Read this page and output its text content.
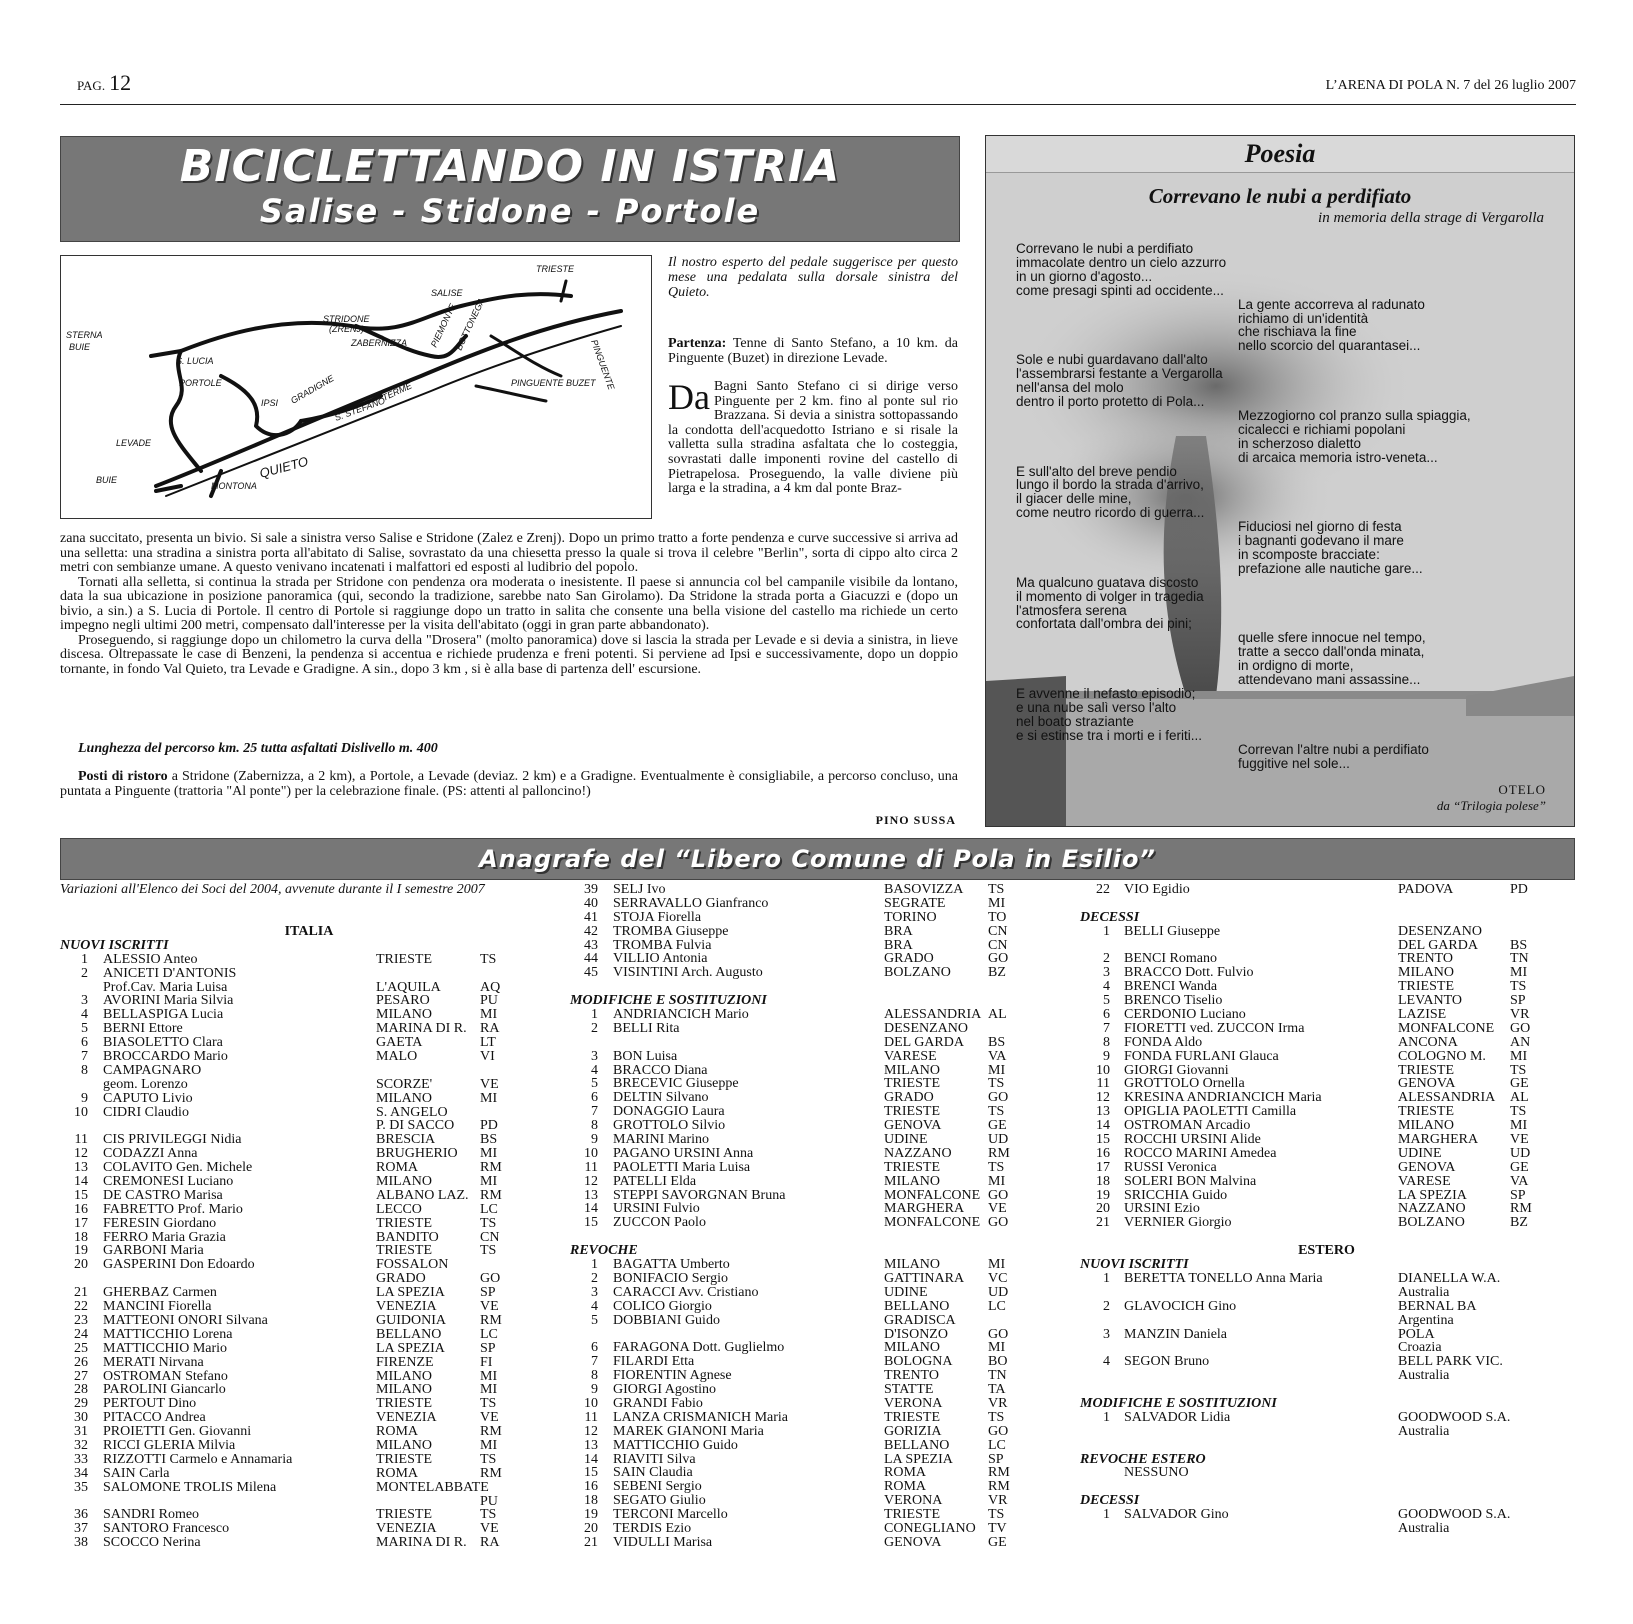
PAG. 12	L’ARENA DI POLA N. 7 del 26 luglio 2007
BICICLETTANDO IN ISTRIA
Salise - Stidone - Portole
TRIESTE
SALISE
PINGUENTE
STERNA
BUIE
S. LUCIA
PORTOLE
STRIDONE
(ZRENJ)
ZABERNIZZA
IPSI GRADIGNE
S. STEFANO
TERME
LEVADE
QUIETO
BUIE
MONTONA
PINGUENTE BUZET
PIEMONTE
BOTTONEGA
Il nostro esperto del pedale suggerisce per questo mese una pedalata sulla dorsale sinistra del Quieto.
Partenza: Tenne di Santo Stefano, a 10 km. da Pinguente (Buzet) in direzione Levade.
Da Bagni Santo Stefano ci si dirige verso Pinguente per 2 km. fino al ponte sul rio Brazzana. Si devia a sinistra sottopassando la condotta dell'acquedotto Istriano e si risale la valletta sulla stradina asfaltata che lo costeggia, sovrastati dalle imponenti rovine del castello di Pietrapelosa. Proseguendo, la valle diviene più larga e la stradina, a 4 km dal ponte Braz-

zana succitato, presenta un bivio. Si sale a sinistra verso Salise e Stridone (Zalez e Zrenj). Dopo un primo tratto a forte pendenza e curve successive si arriva ad una selletta: una stradina a sinistra porta all'abitato di Salise, sovrastato da una chiesetta presso la quale si trova il celebre "Berlin", sorta di cippo alto circa 2 metri con sembianze umane. A questo venivano incatenati i malfattori ed esposti al ludibrio del popolo.

Tornati alla selletta, si continua la strada per Stridone con pendenza ora moderata o inesistente. Il paese si annuncia col bel campanile visibile da lontano, data la sua ubicazione in posizione panoramica (qui, secondo la tradizione, sarebbe nato San Girolamo). Da Stridone la strada porta a Giacuzzi e (dopo un bivio, a sin.) a S. Lucia di Portole. Il centro di Portole si raggiunge dopo un tratto in salita che consente una bella visione del castello ma richiede un certo impegno negli ultimi 200 metri, compensato dall'interesse per la visita dell'abitato (oggi in gran parte abbandonato).

Proseguendo, si raggiunge dopo un chilometro la curva della "Drosera" (molto panoramica) dove si lascia la strada per Levade e si devia a sinistra, in lieve discesa. Oltrepassate le case di Benzeni, la pendenza si accentua e richiede prudenza e freni potenti. Si perviene ad Ipsi e successivamente, dopo un doppio tornante, in fondo Val Quieto, tra Levade e Gradigne. A sin., dopo 3 km , si è alla base di partenza dell' escursione.

Lunghezza del percorso km. 25 tutta asfaltati Dislivello m. 400
Posti di ristoro a Stridone (Zabernizza, a 2 km), a Portole, a Levade (deviaz. 2 km) e a Gradigne. Eventualmente è consigliabile, a percorso concluso, una puntata a Pinguente (trattoria "Al ponte") per la celebrazione finale. (PS: attenti al palloncino!)
PINO SUSSA
Poesia
Correvano le nubi a perdifiato
in memoria della strage di Vergarolla
Correvano le nubi a perdifiato
immacolate dentro un cielo azzurro
in un giorno d'agosto...
come presagi spinti ad occidente...
La gente accorreva al radunato
richiamo di un'identità
che rischiava la fine
nello scorcio del quarantasei...
Sole e nubi guardavano dall'alto
l'assembrarsi festante a Vergarolla
nell'ansa del molo
dentro il porto protetto di Pola...
Mezzogiorno col pranzo sulla spiaggia,
cicalecci e richiami popolani
in scherzoso dialetto
di arcaica memoria istro-veneta...
E sull'alto del breve pendio
lungo il bordo la strada d'arrivo,
il giacer delle mine,
come neutro ricordo di guerra...
Fiduciosi nel giorno di festa
i bagnanti godevano il mare
in scomposte bracciate:
prefazione alle nautiche gare...
Ma qualcuno guatava discosto
il momento di volger in tragedia
l'atmosfera serena
confortata dall'ombra dei pini;
quelle sfere innocue nel tempo,
tratte a secco dall'onda minata,
in ordigno di morte,
attendevano mani assassine...
E avvenne il nefasto episodio;
e una nube salì verso l'alto
nel boato straziante
e si estinse tra i morti e i feriti...
Correvan l'altre nubi a perdifiato
fuggitive nel sole...
OTELO
da “Trilogia polese”
Anagrafe del “Libero Comune di Pola in Esilio”
Variazioni all'Elenco dei Soci del 2004, avvenute durante il I semestre 2007
ITALIA
NUOVI ISCRITTI
1 ALESSIO Anteo	TRIESTE	TS
2 ANICETI D'ANTONIS
Prof.Cav. Maria Luisa	L'AQUILA	AQ
3 AVORINI Maria Silvia	PESARO	PU
4 BELLASPIGA Lucia	MILANO	MI
5 BERNI Ettore	MARINA DI R. RA
6 BIASOLETTO Clara	GAETA	LT
7 BROCCARDO Mario	MALO	VI
8 CAMPAGNARO
geom. Lorenzo	SCORZE'	VE
9 CAPUTO Livio	MILANO	MI
10 CIDRI Claudio	S. ANGELO
P. DI SACCO PD
11 CIS PRIVILEGGI Nidia	BRESCIA	BS
12 CODAZZI Anna	BRUGHERIO MI
13 COLAVITO Gen. Michele	ROMA	RM
14 CREMONESI Luciano	MILANO	MI
15 DE CASTRO Marisa	ALBANO LAZ. RM
16 FABRETTO Prof. Mario	LECCO	LC
17 FERESIN Giordano	TRIESTE	TS
18 FERRO Maria Grazia	BANDITO	CN
19 GARBONI Maria	TRIESTE	TS
20 GASPERINI Don Edoardo	FOSSALON
GRADO	GO
21 GHERBAZ Carmen	LA SPEZIA	SP
22 MANCINI Fiorella	VENEZIA	VE
23 MATTEONI ONORI Silvana	GUIDONIA RM
24 MATTICCHIO Lorena	BELLANO	LC
25 MATTICCHIO Mario	LA SPEZIA	SP
26 MERATI Nirvana	FIRENZE	FI
27 OSTROMAN Stefano	MILANO	MI
28 PAROLINI Giancarlo	MILANO	MI
29 PERTOUT Dino	TRIESTE	TS
30 PITACCO Andrea	VENEZIA	VE
31 PROIETTI Gen. Giovanni	ROMA	RM
32 RICCI GLERIA Milvia	MILANO	MI
33 RIZZOTTI Carmelo e Annamaria	TRIESTE	TS
34 SAIN Carla	ROMA	RM
35 SALOMONE TROLIS Milena	MONTELABBATE
PU
36 SANDRI Romeo	TRIESTE	TS
37 SANTORO Francesco	VENEZIA	VE
38 SCOCCO Nerina	MARINA DI R. RA
39 SELJ Ivo	BASOVIZZA TS
40 SERRAVALLO Gianfranco	SEGRATE	MI
41 STOJA Fiorella	TORINO	TO
42 TROMBA Giuseppe	BRA	CN
43 TROMBA Fulvia	BRA	CN
44 VILLIO Antonia	GRADO	GO
45 VISINTINI Arch. Augusto	BOLZANO	BZ
MODIFICHE E SOSTITUZIONI
1 ANDRIANCICH Mario	ALESSANDRIA AL
2 BELLI Rita	DESENZANO
DEL GARDA BS
3 BON Luisa	VARESE	VA
4 BRACCO Diana	MILANO	MI
5 BRECEVIC Giuseppe	TRIESTE	TS
6 DELTIN Silvano	GRADO	GO
7 DONAGGIO Laura	TRIESTE	TS
8 GROTTOLO Silvio	GENOVA	GE
9 MARINI Marino	UDINE	UD
10 PAGANO URSINI Anna	NAZZANO	RM
11 PAOLETTI Maria Luisa	TRIESTE	TS
12 PATELLI Elda	MILANO	MI
13 STEPPI SAVORGNAN Bruna	MONFALCONE GO
14 URSINI Fulvio	MARGHERA VE
15 ZUCCON Paolo	MONFALCONE GO
REVOCHE
1 BAGATTA Umberto	MILANO	MI
2 BONIFACIO Sergio	GATTINARA VC
3 CARACCI Avv. Cristiano	UDINE	UD
4 COLICO Giorgio	BELLANO	LC
5 DOBBIANI Guido	GRADISCA
D'ISONZO	GO
6 FARAGONA Dott. Guglielmo	MILANO	MI
7 FILARDI Etta	BOLOGNA	BO
8 FIORENTIN Agnese	TRENTO	TN
9 GIORGI Agostino	STATTE	TA
10 GRANDI Fabio	VERONA	VR
11 LANZA CRISMANICH Maria	TRIESTE	TS
12 MAREK GIANONI Maria	GORIZIA	GO
13 MATTICCHIO Guido	BELLANO	LC
14 RIAVITI Silva	LA SPEZIA	SP
15 SAIN Claudia	ROMA	RM
16 SEBENI Sergio	ROMA	RM
18 SEGATO Giulio	VERONA	VR
19 TERCONI Marcello	TRIESTE	TS
20 TERDIS Ezio	CONEGLIANO TV
21 VIDULLI Marisa	GENOVA	GE
22 VIO Egidio	PADOVA	PD
DECESSI
1 BELLI Giuseppe	DESENZANO
DEL GARDA BS
2 BENCI Romano	TRENTO	TN
3 BRACCO Dott. Fulvio	MILANO	MI
4 BRENCI Wanda	TRIESTE	TS
5 BRENCO Tiselio	LEVANTO	SP
6 CERDONIO Luciano	LAZISE	VR
7 FIORETTI ved. ZUCCON Irma	MONFALCONE GO
8 FONDA Aldo	ANCONA	AN
9 FONDA FURLANI Glauca	COLOGNO M. MI
10 GIORGI Giovanni	TRIESTE	TS
11 GROTTOLO Ornella	GENOVA	GE
12 KRESINA ANDRIANCICH Maria	ALESSANDRIA AL
13 OPIGLIA PAOLETTI Camilla	TRIESTE	TS
14 OSTROMAN Arcadio	MILANO	MI
15 ROCCHI URSINI Alide	MARGHERA VE
16 ROCCO MARINI Amedea	UDINE	UD
17 RUSSI Veronica	GENOVA	GE
18 SOLERI BON Malvina	VARESE	VA
19 SRICCHIA Guido	LA SPEZIA	SP
20 URSINI Ezio	NAZZANO	RM
21 VERNIER Giorgio	BOLZANO	BZ
ESTERO
NUOVI ISCRITTI
1 BERETTA TONELLO Anna Maria	DIANELLA W.A.
Australia
2 GLAVOCICH Gino	BERNAL BA
Argentina
3 MANZIN Daniela	POLA
Croazia
4 SEGON Bruno	BELL PARK VIC.
Australia
MODIFICHE E SOSTITUZIONI
1 SALVADOR Lidia	GOODWOOD S.A.
Australia
REVOCHE ESTERO
NESSUNO
DECESSI
1 SALVADOR Gino	GOODWOOD S.A.
Australia
